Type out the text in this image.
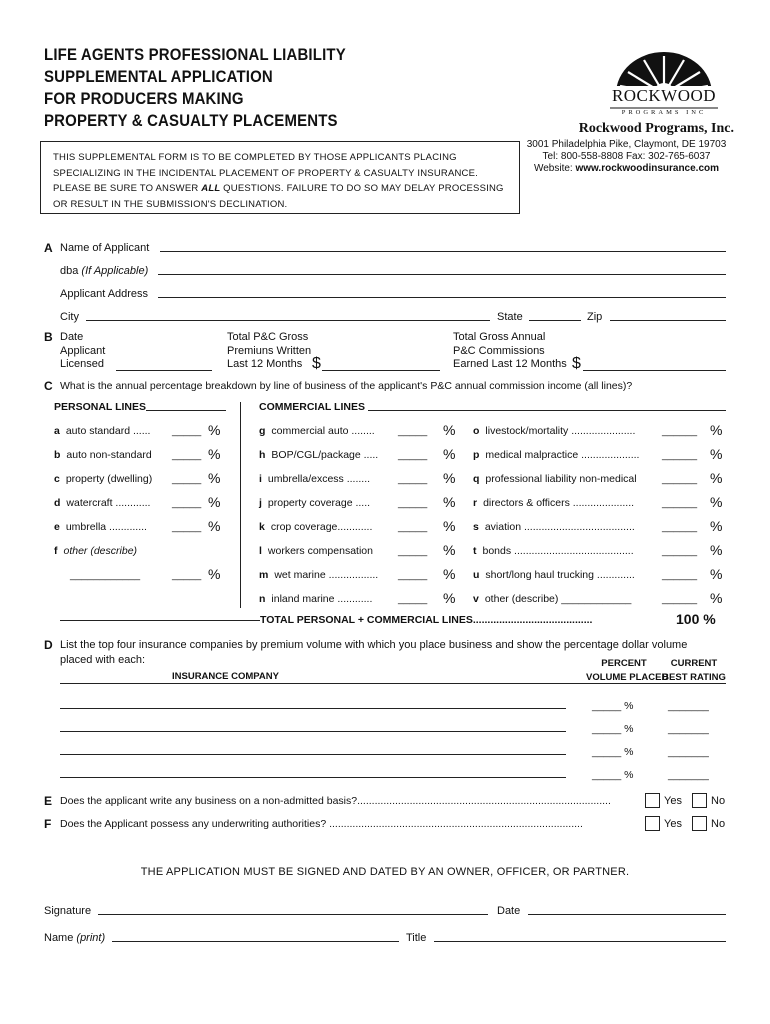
LIFE AGENTS PROFESSIONAL LIABILITY
SUPPLEMENTAL APPLICATION
FOR PRODUCERS MAKING
PROPERTY & CASUALTY PLACEMENTS
THIS SUPPLEMENTAL FORM IS TO BE COMPLETED BY THOSE APPLICANTS PLACING SPECIALIZING IN THE INCIDENTAL PLACEMENT OF PROPERTY & CASUALTY INSURANCE. PLEASE BE SURE TO ANSWER ALL QUESTIONS. FAILURE TO DO SO MAY DELAY PROCESSING OR RESULT IN THE SUBMISSION'S DECLINATION.
ROCKWOOD
PROGRAMS INC
Rockwood Programs, Inc.
3001 Philadelphia Pike, Claymont, DE 19703
Tel: 800-558-8808 Fax: 302-765-6037
Website: www.rockwoodinsurance.com
A Name of Applicant
dba (If Applicable)
Applicant Address
City	State	Zip
B Date
Applicant
Licensed
Total P&C Gross
Premiuns Written
Last 12 Months $
Total Gross Annual
P&C Commissions
Earned Last 12 Months $
C What is the annual percentage breakdown by line of business of the applicant's P&C annual commission income (all lines)?
PERSONAL LINES	COMMERCIAL LINES
a auto standard ...... _____ %
b auto non-standard _____ %
c property (dwelling) _____ %
d watercraft ............ _____ %
e umbrella ............. _____ %
f other (describe)
____________	_____ %
g commercial auto ........ _____ %
h BOP/CGL/package ..... _____ %
i umbrella/excess ........	_____ %
j property coverage .....	_____ %
k crop coverage............ _____ %
l workers compensation _____ %
m wet marine ................. _____ %
n inland marine ............ _____ %
o livestock/mortality ......................	______ %
p medical malpractice .................... ______ %
q professional liability non-medical ______ %
r directors & officers .....................	______ %
s aviation ......................................	______ %
t bonds .........................................	______ %
u short/long haul trucking .............	______ %
v other (describe) ____________	______ %
TOTAL PERSONAL + COMMERCIAL LINES.........................................	100 %
D List the top four insurance companies by premium volume with which you place business and show the percentage dollar volume
placed with each:	PERCENT
VOLUME PLACED
CURRENT
BEST RATING
INSURANCE COMPANY
_____ %	_______
_____ %	_______
_____ %	_______
_____ %	_______
E Does the applicant write any business on a non-admitted basis?.......................................................................................	Yes	No
F Does the Applicant possess any underwriting authorities? .......................................................................................	Yes	No
THE APPLICATION MUST BE SIGNED AND DATED BY AN OWNER, OFFICER, OR PARTNER.
Signature	Date
Name (print)	Title
